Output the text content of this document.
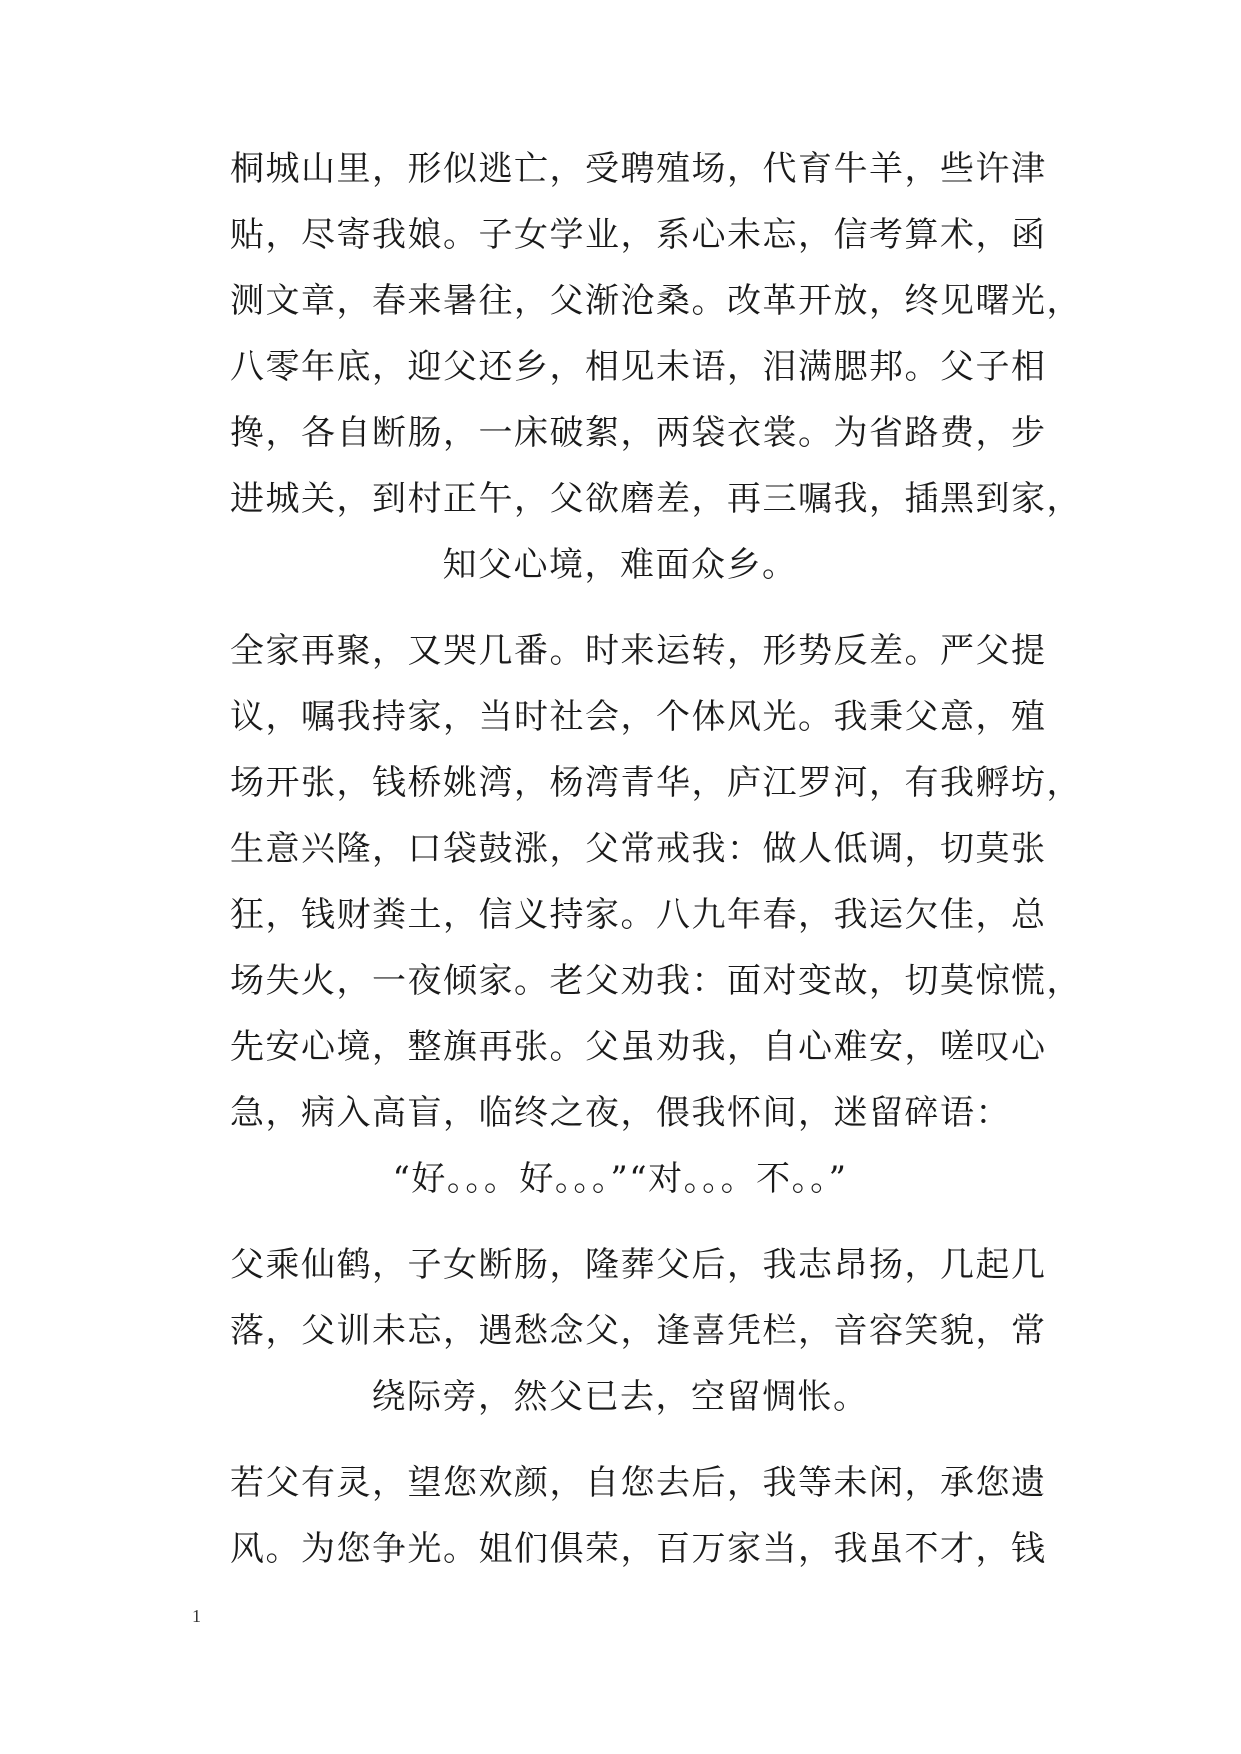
桐城山里，形似逃亡，受聘殖场，代育牛羊，些许津
贴，尽寄我娘。子女学业，系心未忘，信考算术，函
测文章，春来暑往，父渐沧桑。改革开放，终见曙光，
八零年底，迎父还乡，相见未语，泪满腮邦。父子相
搀，各自断肠，一床破絮，两袋衣裳。为省路费，步
进城关，到村正午，父欲磨差，再三嘱我，插黑到家，
知父心境，难面众乡。
全家再聚，又哭几番。时来运转，形势反差。严父提
议，嘱我持家，当时社会，个体风光。我秉父意，殖
场开张，钱桥姚湾，杨湾青华，庐江罗河，有我孵坊，
生意兴隆，口袋鼓涨，父常戒我：做人低调，切莫张
狂，钱财粪土，信义持家。八九年春，我运欠佳，总
场失火，一夜倾家。老父劝我：面对变故，切莫惊慌，
先安心境，整旗再张。父虽劝我，自心难安，嗟叹心
急，病入高盲，临终之夜，偎我怀间，迷留碎语：
“好。。。好。。。”“对。。。不。。”
父乘仙鹤，子女断肠，隆葬父后，我志昂扬，几起几
落，父训未忘，遇愁念父，逢喜凭栏，音容笑貌，常
绕际旁，然父已去，空留惆怅。
若父有灵，望您欢颜，自您去后，我等未闲，承您遗
风。为您争光。姐们俱荣，百万家当，我虽不才，钱
1
